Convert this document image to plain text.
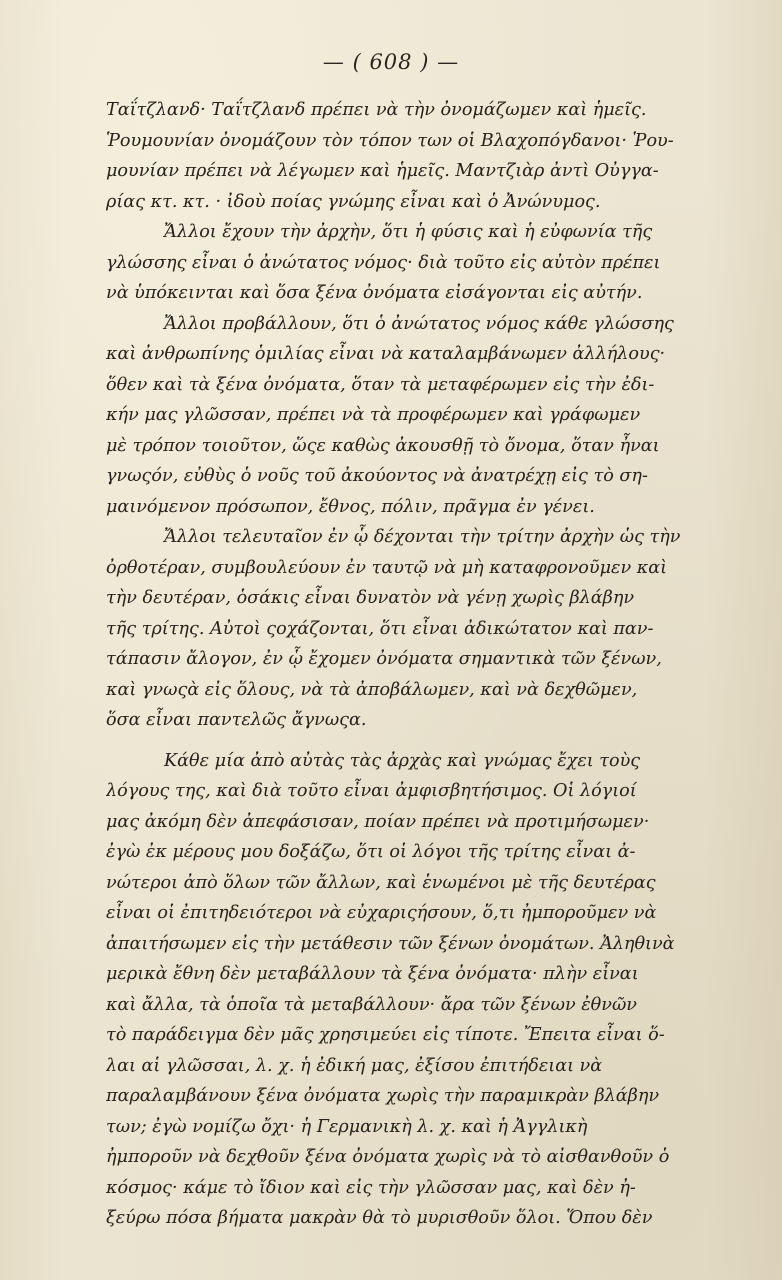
— ( 608 ) —
Ταΐτζλανδ· Ταΐτζλανδ πρέπει νὰ τὴν ὀνομάζωμεν καὶ ἡμεῖς.
Ῥουμουνίαν ὀνομάζουν τὸν τόπον των οἱ Βλαχοπόγδανοι· Ῥου-
μουνίαν πρέπει νὰ λέγωμεν καὶ ἡμεῖς. Μαντζιὰρ ἀντὶ Οὐγγα-
ρίας κτ. κτ. · ἰδοὺ ποίας γνώμης εἶναι καὶ ὁ Ἀνώνυμος.
Ἄλλοι ἔχουν τὴν ἀρχὴν, ὅτι ἡ φύσις καὶ ἡ εὐφωνία τῆς
γλώσσης εἶναι ὁ ἀνώτατος νόμος· διὰ τοῦτο εἰς αὐτὸν πρέπει
νὰ ὑπόκεινται καὶ ὅσα ξένα ὀνόματα εἰσάγονται εἰς αὐτήν.
Ἄλλοι προβάλλουν, ὅτι ὁ ἀνώτατος νόμος κάθε γλώσσης
καὶ ἀνθρωπίνης ὁμιλίας εἶναι νὰ καταλαμβάνωμεν ἀλλήλους·
ὅθεν καὶ τὰ ξένα ὀνόματα, ὅταν τὰ μεταφέρωμεν εἰς τὴν ἐδι-
κήν μας γλῶσσαν, πρέπει νὰ τὰ προφέρωμεν καὶ γράφωμεν
μὲ τρόπον τοιοῦτον, ὥςε καθὼς ἀκουσθῇ τὸ ὄνομα, ὅταν ἦναι
γνωςόν, εὐθὺς ὁ νοῦς τοῦ ἀκούοντος νὰ ἀνατρέχῃ εἰς τὸ ση-
μαινόμενον πρόσωπον, ἔθνος, πόλιν, πρᾶγμα ἐν γένει.
Ἄλλοι τελευταῖον ἐν ᾧ δέχονται τὴν τρίτην ἀρχὴν ὡς τὴν
ὀρθοτέραν, συμβουλεύουν ἐν ταυτῷ νὰ μὴ καταφρονοῦμεν καὶ
τὴν δευτέραν, ὁσάκις εἶναι δυνατὸν νὰ γένῃ χωρὶς βλάβην
τῆς τρίτης. Αὐτοὶ ςοχάζονται, ὅτι εἶναι ἀδικώτατον καὶ παν-
τάπασιν ἄλογον, ἐν ᾧ ἔχομεν ὀνόματα σημαντικὰ τῶν ξένων,
καὶ γνωςὰ εἰς ὅλους, νὰ τὰ ἀποβάλωμεν, καὶ νὰ δεχθῶμεν,
ὅσα εἶναι παντελῶς ἄγνωςα.
Κάθε μία ἀπὸ αὐτὰς τὰς ἀρχὰς καὶ γνώμας ἔχει τοὺς
λόγους της, καὶ διὰ τοῦτο εἶναι ἀμφισβητήσιμος. Οἱ λόγιοί
μας ἀκόμη δὲν ἀπεφάσισαν, ποίαν πρέπει νὰ προτιμήσωμεν·
ἐγὼ ἐκ μέρους μου δοξάζω, ὅτι οἱ λόγοι τῆς τρίτης εἶναι ἀ-
νώτεροι ἀπὸ ὅλων τῶν ἄλλων, καὶ ἑνωμένοι μὲ τῆς δευτέρας
εἶναι οἱ ἐπιτηδειότεροι νὰ εὐχαριςήσουν, ὅ,τι ἠμποροῦμεν νὰ
ἀπαιτήσωμεν εἰς τὴν μετάθεσιν τῶν ξένων ὀνομάτων. Ἀληθινὰ
μερικὰ ἔθνη δὲν μεταβάλλουν τὰ ξένα ὀνόματα· πλὴν εἶναι
καὶ ἄλλα, τὰ ὁποῖα τὰ μεταβάλλουν· ἄρα τῶν ξένων ἐθνῶν
τὸ παράδειγμα δὲν μᾶς χρησιμεύει εἰς τίποτε. Ἔπειτα εἶναι ὅ-
λαι αἱ γλῶσσαι, λ. χ. ἡ ἐδική μας, ἐξίσου ἐπιτήδειαι νὰ
παραλαμβάνουν ξένα ὀνόματα χωρὶς τὴν παραμικρὰν βλάβην
των; ἐγὼ νομίζω ὄχι· ἡ Γερμανικὴ λ. χ. καὶ ἡ Ἀγγλικὴ
ἠμποροῦν νὰ δεχθοῦν ξένα ὀνόματα χωρὶς νὰ τὸ αἰσθανθοῦν ὁ
κόσμος· κάμε τὸ ἴδιον καὶ εἰς τὴν γλῶσσαν μας, καὶ δὲν ἠ-
ξεύρω πόσα βήματα μακρὰν θὰ τὸ μυρισθοῦν ὅλοι. Ὅπου δὲν
